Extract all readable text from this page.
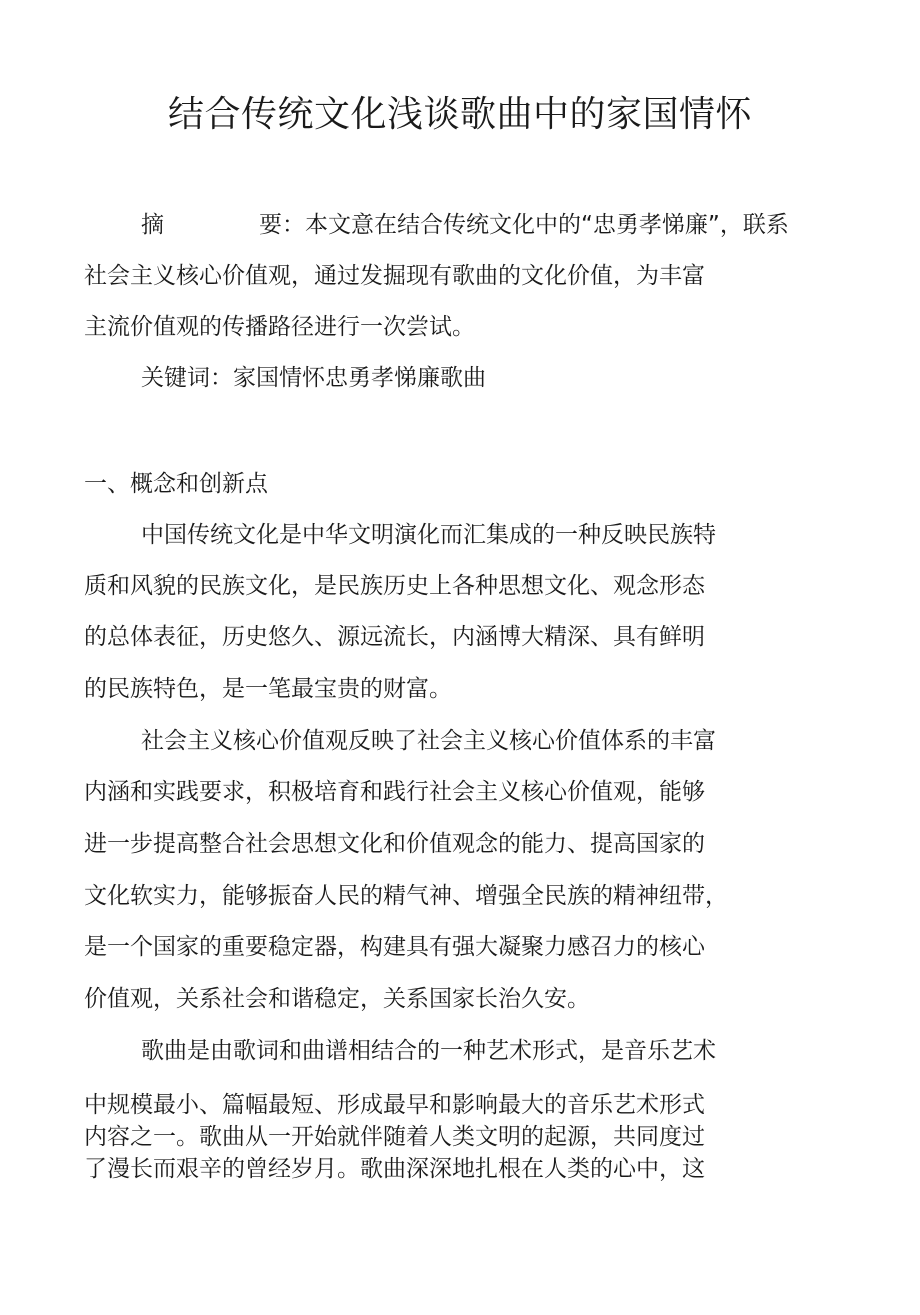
结合传统文化浅谈歌曲中的家国情怀
摘	要：本文意在结合传统文化中的“忠勇孝悌廉”，联系
社会主义核心价值观，通过发掘现有歌曲的文化价值，为丰富
主流价值观的传播路径进行一次尝试。
关键词：家国情怀忠勇孝悌廉歌曲
一、概念和创新点
中国传统文化是中华文明演化而汇集成的一种反映民族特
质和风貌的民族文化，是民族历史上各种思想文化、观念形态
的总体表征，历史悠久、源远流长，内涵博大精深、具有鲜明
的民族特色，是一笔最宝贵的财富。
社会主义核心价值观反映了社会主义核心价值体系的丰富
内涵和实践要求，积极培育和践行社会主义核心价值观，能够
进一步提高整合社会思想文化和价值观念的能力、提高国家的
文化软实力，能够振奋人民的精气神、增强全民族的精神纽带，
是一个国家的重要稳定器，构建具有强大凝聚力感召力的核心
价值观，关系社会和谐稳定，关系国家长治久安。
歌曲是由歌词和曲谱相结合的一种艺术形式，是音乐艺术
中规模最小、篇幅最短、形成最早和影响最大的音乐艺术形式
内容之一。歌曲从一开始就伴随着人类文明的起源，共同度过
了漫长而艰辛的曾经岁月。歌曲深深地扎根在人类的心中，这
